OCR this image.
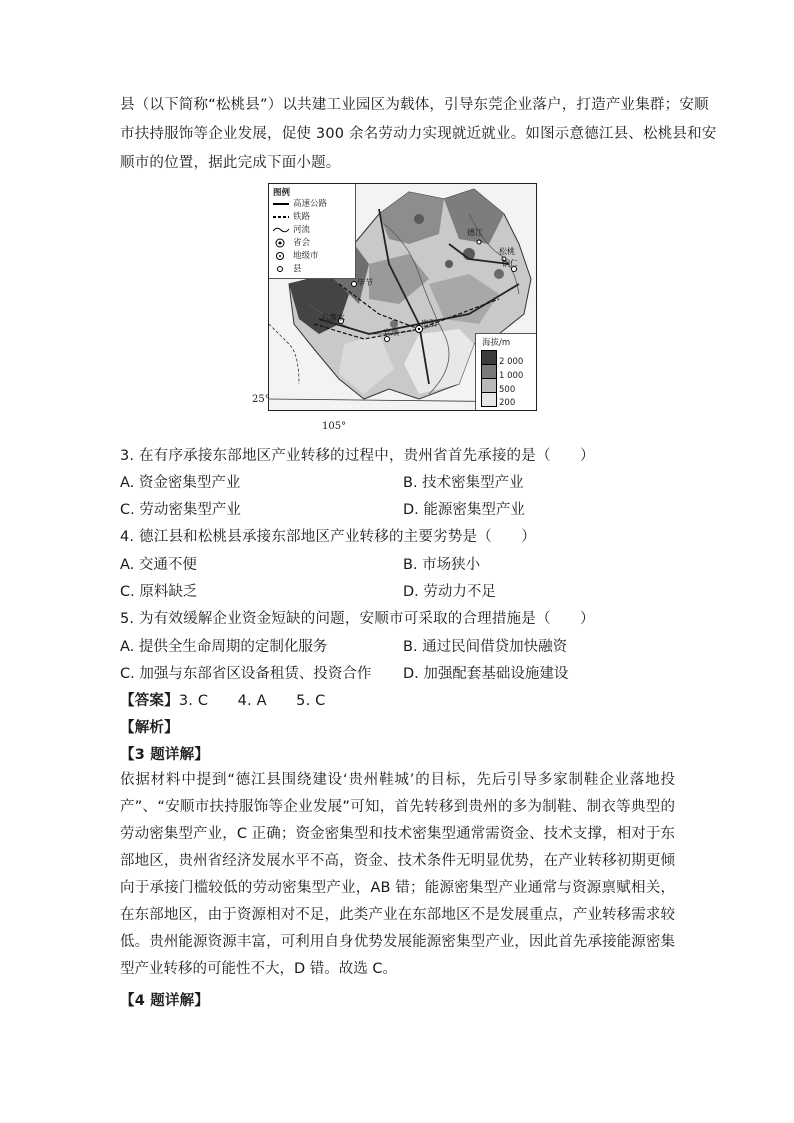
县（以下简称“松桃县”）以共建工业园区为载体，引导东莞企业落户，打造产业集群；安顺
市扶持服饰等企业发展，促使 300 余名劳动力实现就近就业。如图示意德江县、松桃县和安
顺市的位置，据此完成下面小题。
德江
松桃
铜仁
毕节
贵阳
安顺
六盘水
图例
高速公路
铁路
河流
省会
地级市
县
海拔/m
2 000
1 000
500
200
25°
105°
3. 在有序承接东部地区产业转移的过程中，贵州省首先承接的是（　　）
A. 资金密集型产业	B. 技术密集型产业
C. 劳动密集型产业	D. 能源密集型产业
4. 德江县和松桃县承接东部地区产业转移的主要劣势是（　　）
A. 交通不便	B. 市场狭小
C. 原料缺乏	D. 劳动力不足
5. 为有效缓解企业资金短缺的问题，安顺市可采取的合理措施是（　　）
A. 提供全生命周期的定制化服务	B. 通过民间借贷加快融资
C. 加强与东部省区设备租赁、投资合作 D. 加强配套基础设施建设
【答案】3. C　　4. A　　5. C
【解析】
【3 题详解】
依据材料中提到“德江县围绕建设‘贵州鞋城’的目标，先后引导多家制鞋企业落地投产”、“安顺市扶持服饰等企业发展”可知，首先转移到贵州的多为制鞋、制衣等典型的劳动密集型产业，C 正确；资金密集型和技术密集型通常需资金、技术支撑，相对于东部地区，贵州省经济发展水平不高，资金、技术条件无明显优势，在产业转移初期更倾向于承接门槛较低的劳动密集型产业，AB 错；能源密集型产业通常与资源禀赋相关，在东部地区，由于资源相对不足，此类产业在东部地区不是发展重点，产业转移需求较低。贵州能源资源丰富，可利用自身优势发展能源密集型产业，因此首先承接能源密集型产业转移的可能性不大，D 错。故选 C。
【4 题详解】
